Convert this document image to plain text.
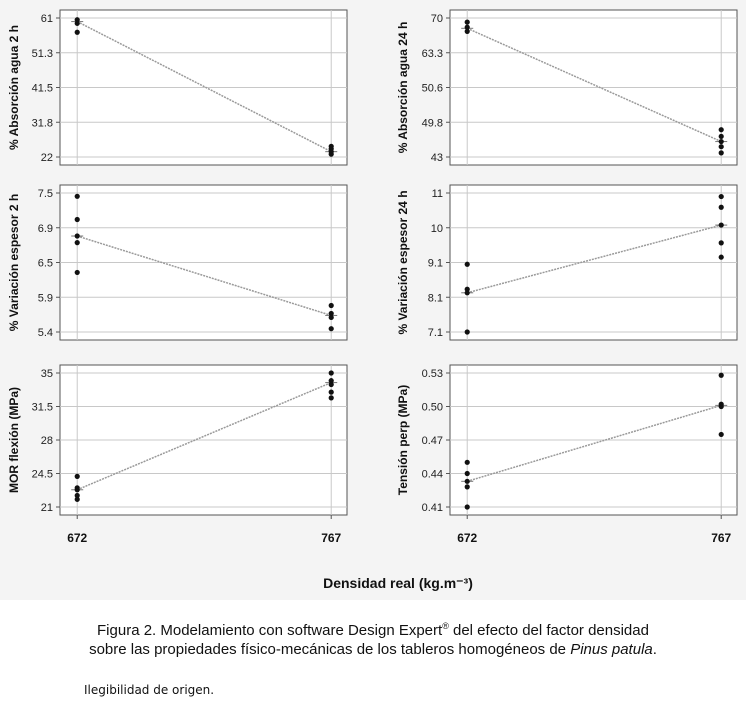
22
31.8
41.5
51.3
61
% Absorción agua 2 h
43
49.8
50.6
63.3
70
% Absorción agua 24 h
5.4
5.9
6.5
6.9
7.5
% Variación espesor 2 h
7.1
8.1
9.1
10
11
% Variación espesor 24 h
21
24.5
28
31.5
35
MOR flexión (MPa)
672	767
0.41
0.44
0.47
0.50
0.53
Tensión perp (MPa)
672	767
Densidad real (kg.m⁻³)
Figura 2. Modelamiento con software Design Expert® del efecto del factor densidad
sobre las propiedades físico-mecánicas de los tableros homogéneos de Pinus patula.
Ilegibilidad de origen.
